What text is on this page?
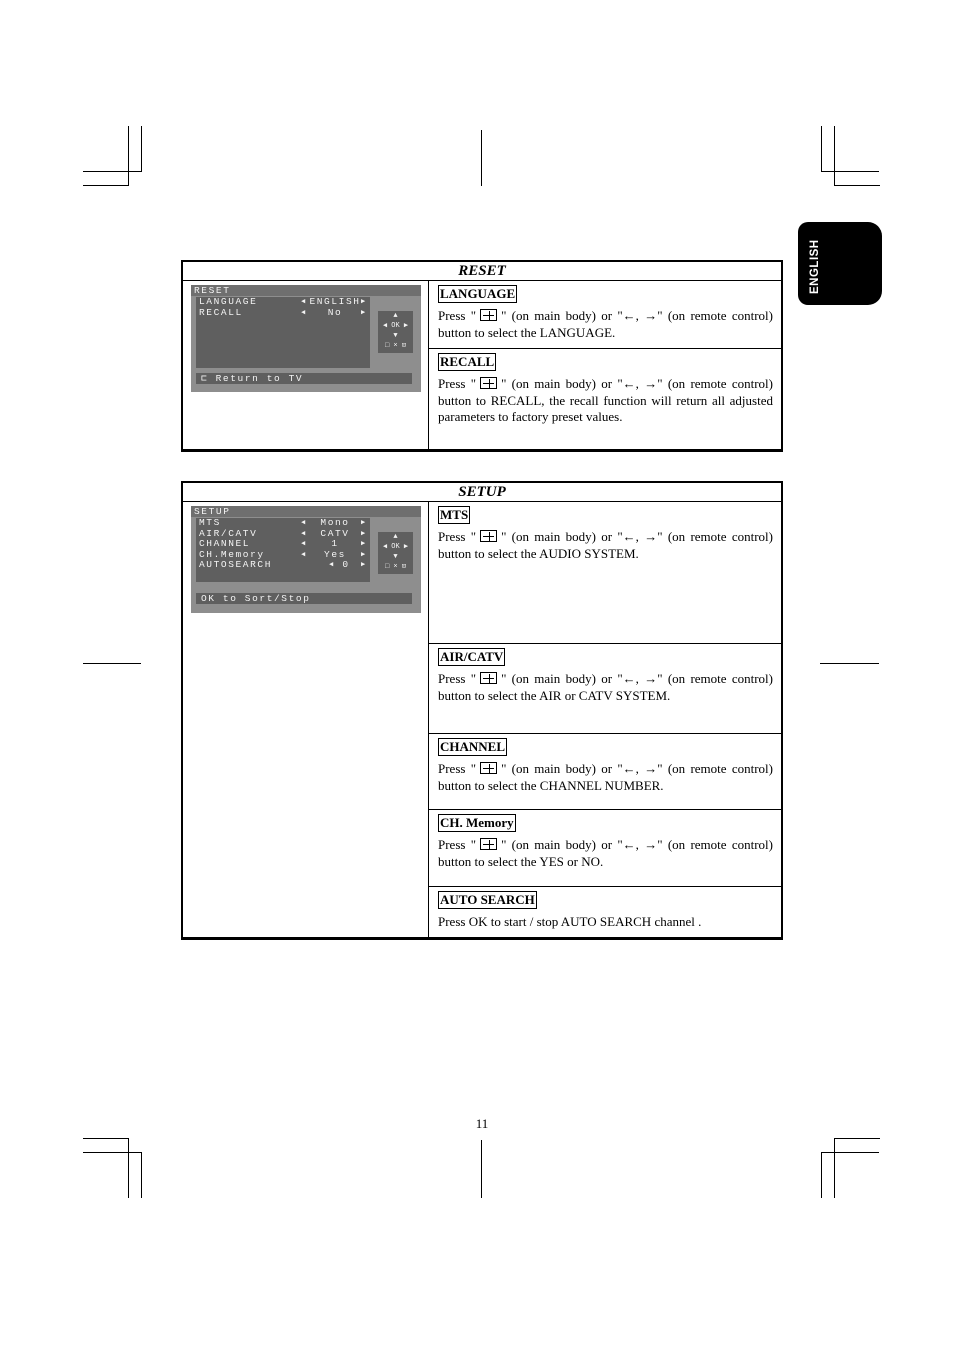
ENGLISH
RESET
RESET
LANGUAGE	◀ ENGLISH ▶
RECALL	◀	No	▶	▲
◀ OK ▶
▼
□ × ⊡
⊏ Return to TV
LANGUAGE
Press " " (on main body) or "←, →" (on remote control) button to select the LANGUAGE.
RECALL
Press " " (on main body) or "←, →" (on remote control) button to RECALL, the recall function will return all adjusted parameters to factory preset values.
SETUP
SETUP
MTS	◀	Mono	▶
AIR/CATV	◀	CATV	▶
CHANNEL	◀	1	▶
CH.Memory	◀	Yes	▶
AUTOSEARCH	◀ 0	▶
▲
◀ OK ▶
▼
□ × ⊡
OK to Sort/Stop
MTS
Press " " (on main body) or "←, →" (on remote control) button to select the AUDIO SYSTEM.
AIR/CATV
Press " " (on main body) or "←, →" (on remote control) button to select the AIR or CATV SYSTEM.
CHANNEL
Press " " (on main body) or "←, →" (on remote control) button to select the CHANNEL NUMBER.
CH. Memory
Press " " (on main body) or "←, →" (on remote control) button to select the YES or NO.
AUTO SEARCH
Press OK to start / stop AUTO SEARCH channel .
11
